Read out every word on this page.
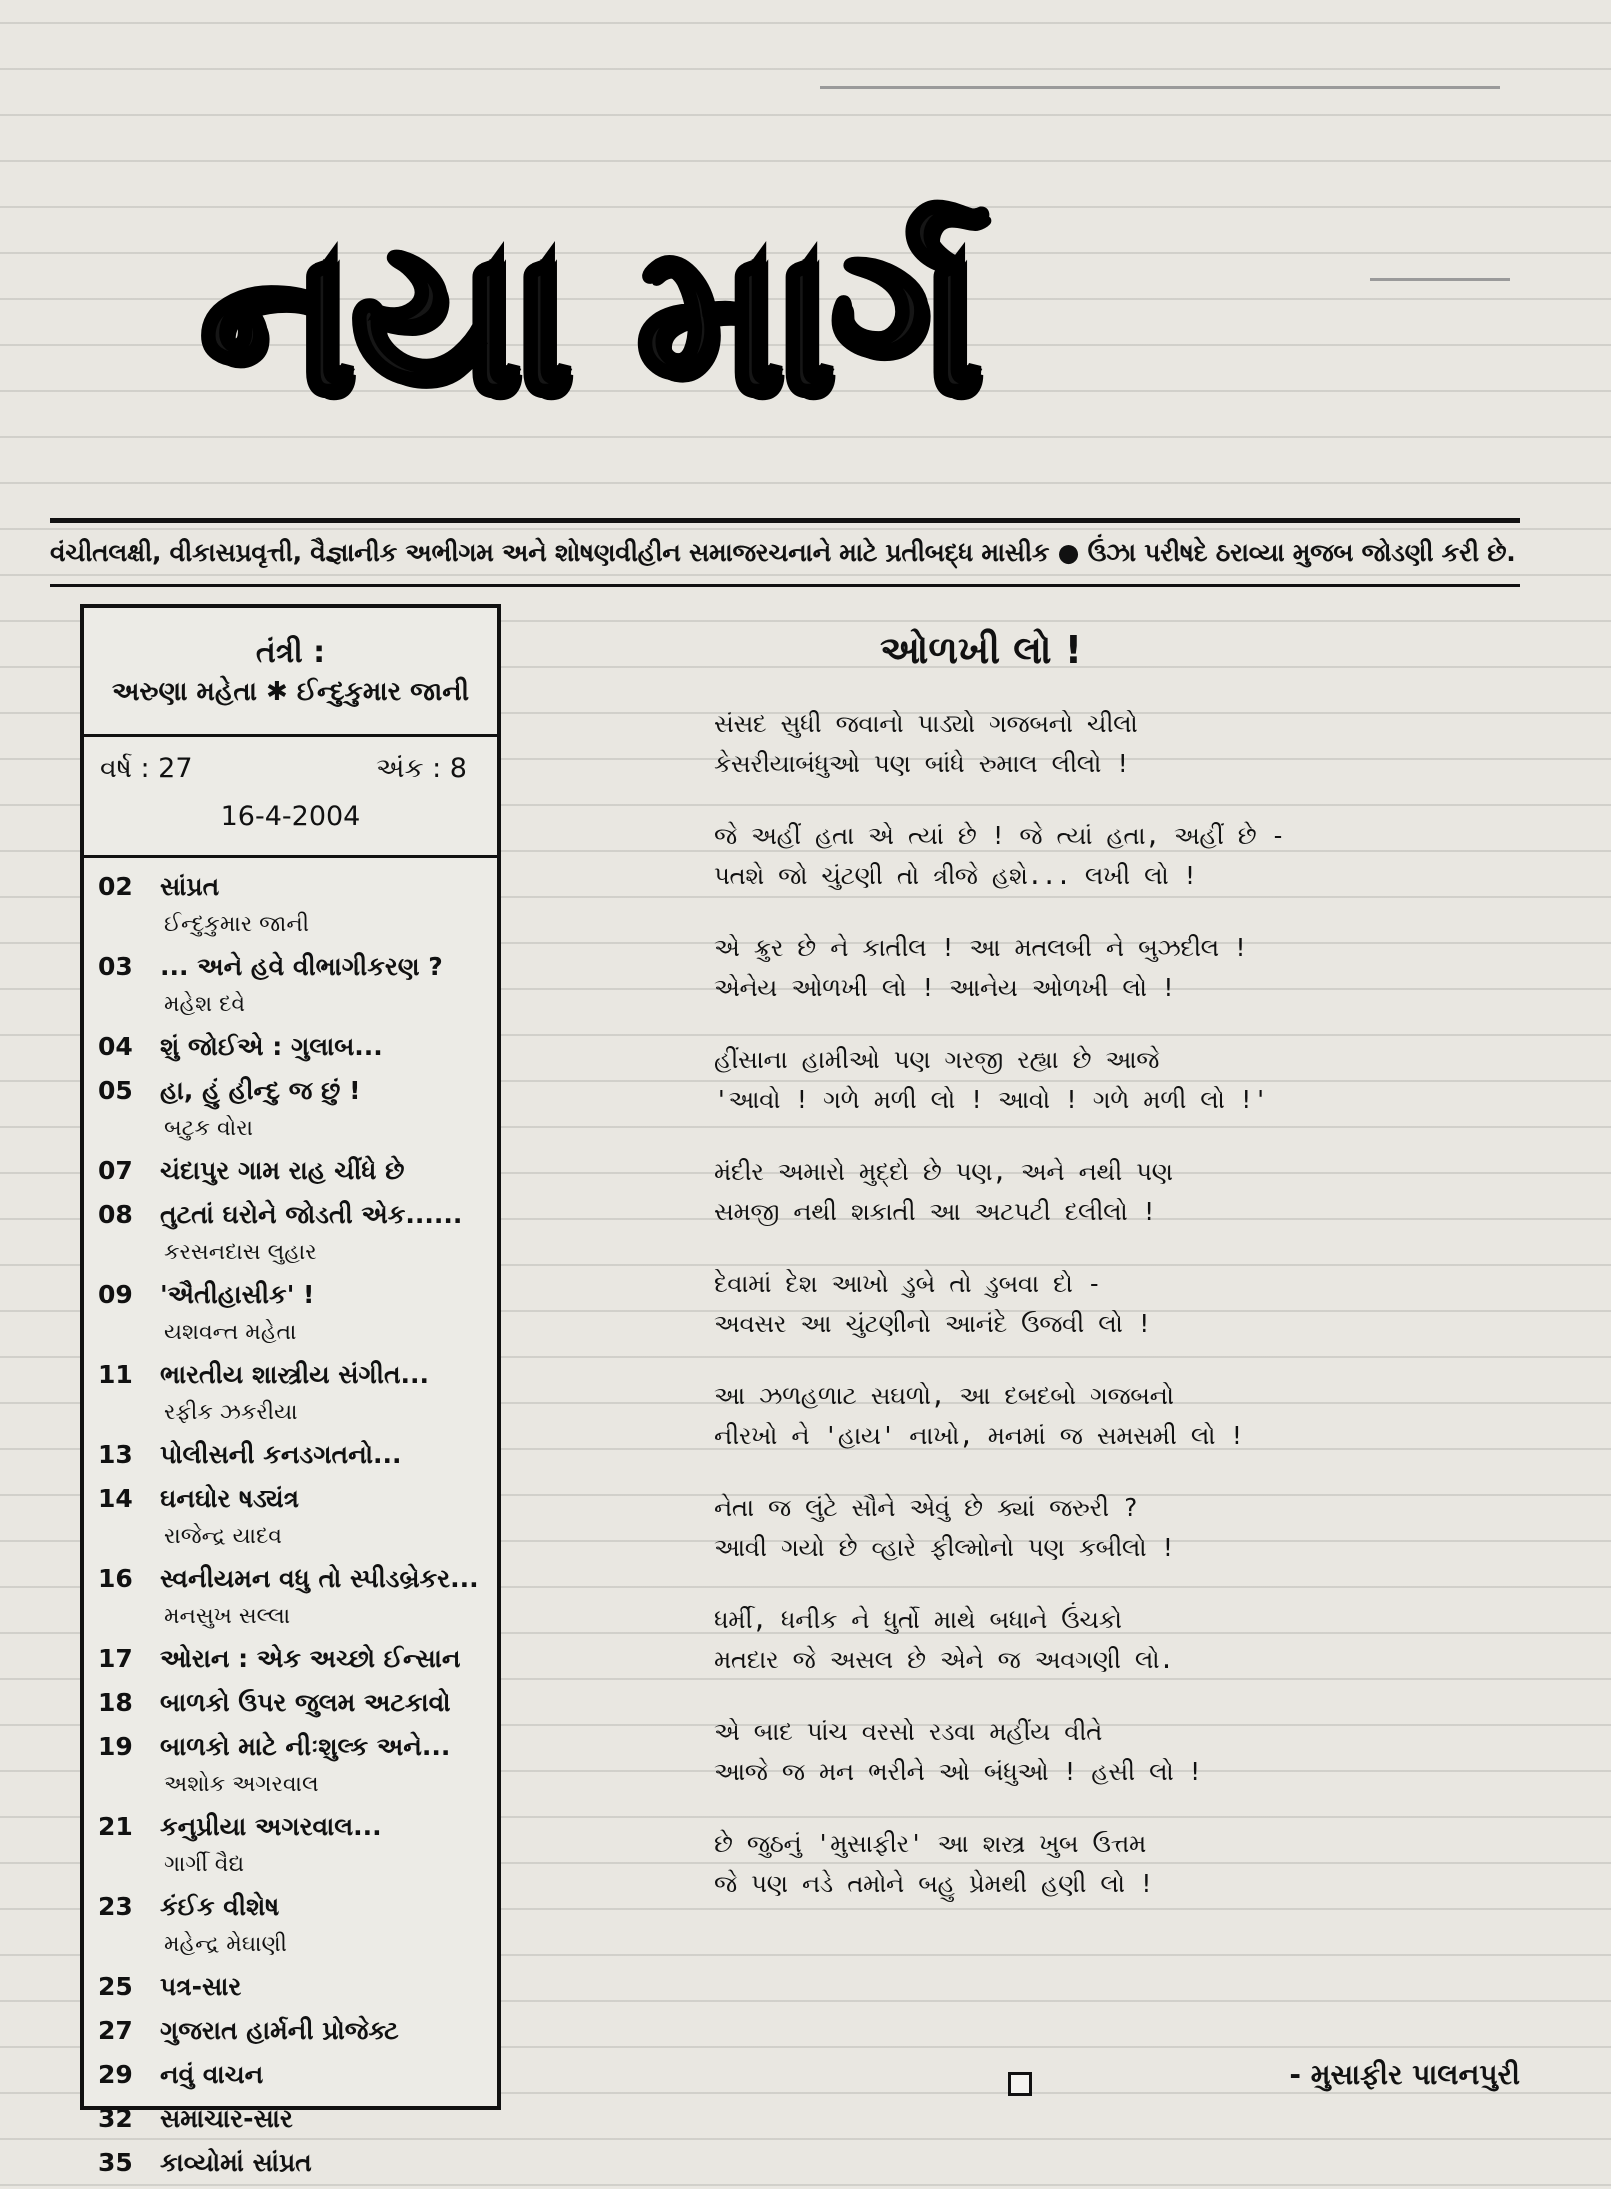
નયા માર્ગ
વંચીતલક્ષી, વીકાસપ્રવૃત્તી, વૈજ્ઞાનીક અભીગમ અને શોષણવીહીન સમાજરચનાને માટે પ્રતીબદ્ધ માસીક ● ઉંઝા પરીષદે ઠરાવ્યા મુજબ જોડણી કરી છે.
તંત્રી :
અરુણા મહેતા ✱ ઈન્દુકુમાર જાની
વર્ષ : 27	અંક : 8
16-4-2004
02 સાંપ્રત
ઈન્દુકુમાર જાની
03 ... અને હવે વીભાગીકરણ ?
મહેશ દવે
04 શું જોઈએ : ગુલાબ...
05 હા, હું હીન્દુ જ છું !
બટુક વોરા
07 ચંદાપુર ગામ રાહ ચીંધે છે
08 તુટતાં ઘરોને જોડતી એક......
કરસનદાસ લુહાર
09 'ઐતીહાસીક' !
યશવન્ત મહેતા
11 ભારતીય શાસ્ત્રીય સંગીત...
રફીક ઝકરીયા
13 પોલીસની કનડગતનો...
14 ઘનઘોર ષડ્યંત્ર
રાજેન્દ્ર યાદવ
16 સ્વનીયમન વધુ તો સ્પીડબ્રેકર...
મનસુખ સલ્લા
17 ઓરાન : એક અચ્છો ઈન્સાન
18 બાળકો ઉપર જુલમ અટકાવો
19 બાળકો માટે નીઃશુલ્ક અને...
અશોક અગરવાલ
21 કનુપ્રીયા અગરવાલ...
ગાર્ગી વૈદ્ય
23 કંઈક વીશેષ
મહેન્દ્ર મેઘાણી
25 પત્ર-સાર
27 ગુજરાત હાર્મની પ્રોજેક્ટ
29 નવું વાચન
32 સમાચાર-સાર
35 કાવ્યોમાં સાંપ્રત
ઓળખી લો !
સંસદ સુધી જવાનો પાડ્યો ગજબનો ચીલો
કેસરીયાબંધુઓ પણ બાંધે રુમાલ લીલો !
જે અહીં હતા એ ત્યાં છે ! જે ત્યાં હતા, અહીં છે -
પતશે જો ચુંટણી તો ત્રીજે હશે... લખી લો !
એ ક્રુર છે ને કાતીલ ! આ મતલબી ને બુઝદીલ !
એનેય ઓળખી લો ! આનેય ઓળખી લો !
હીંસાના હામીઓ પણ ગરજી રહ્યા છે આજે
'આવો ! ગળે મળી લો ! આવો ! ગળે મળી લો !'
મંદીર અમારો મુદ્દો છે પણ, અને નથી પણ
સમજી નથી શકાતી આ અટપટી દલીલો !
દેવામાં દેશ આખો ડુબે તો ડુબવા દો -
અવસર આ ચુંટણીનો આનંદે ઉજવી લો !
આ ઝળહળાટ સઘળો, આ દબદબો ગજબનો
નીરખો ને 'હાય' નાખો, મનમાં જ સમસમી લો !
નેતા જ લુંટે સૌને એવું છે ક્યાં જરુરી ?
આવી ગયો છે વ્હારે ફીલ્મોનો પણ કબીલો !
ધર્મી, ધનીક ને ધુર્તો માથે બધાને ઉંચકો
મતદાર જે અસલ છે એને જ અવગણી લો.
એ બાદ પાંચ વરસો રડવા મહીંય વીતે
આજે જ મન ભરીને ઓ બંધુઓ ! હસી લો !
છે જુઠનું 'મુસાફીર' આ શસ્ત્ર ખુબ ઉત્તમ
જે પણ નડે તમોને બહુ પ્રેમથી હણી લો !
- મુસાફીર પાલનપુરી
